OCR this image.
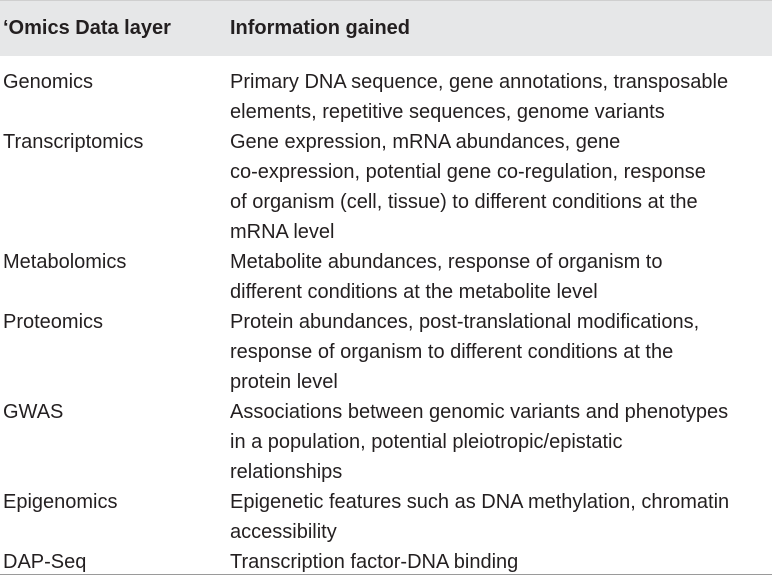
‘Omics Data layer	Information gained
Genomics	Primary DNA sequence, gene annotations, transposable
elements, repetitive sequences, genome variants
Transcriptomics	Gene expression, mRNA abundances, gene
co-expression, potential gene co-regulation, response
of organism (cell, tissue) to different conditions at the
mRNA level
Metabolomics	Metabolite abundances, response of organism to
different conditions at the metabolite level
Proteomics	Protein abundances, post-translational modifications,
response of organism to different conditions at the
protein level
GWAS	Associations between genomic variants and phenotypes
in a population, potential pleiotropic/epistatic
relationships
Epigenomics	Epigenetic features such as DNA methylation, chromatin
accessibility
DAP-Seq	Transcription factor-DNA binding
